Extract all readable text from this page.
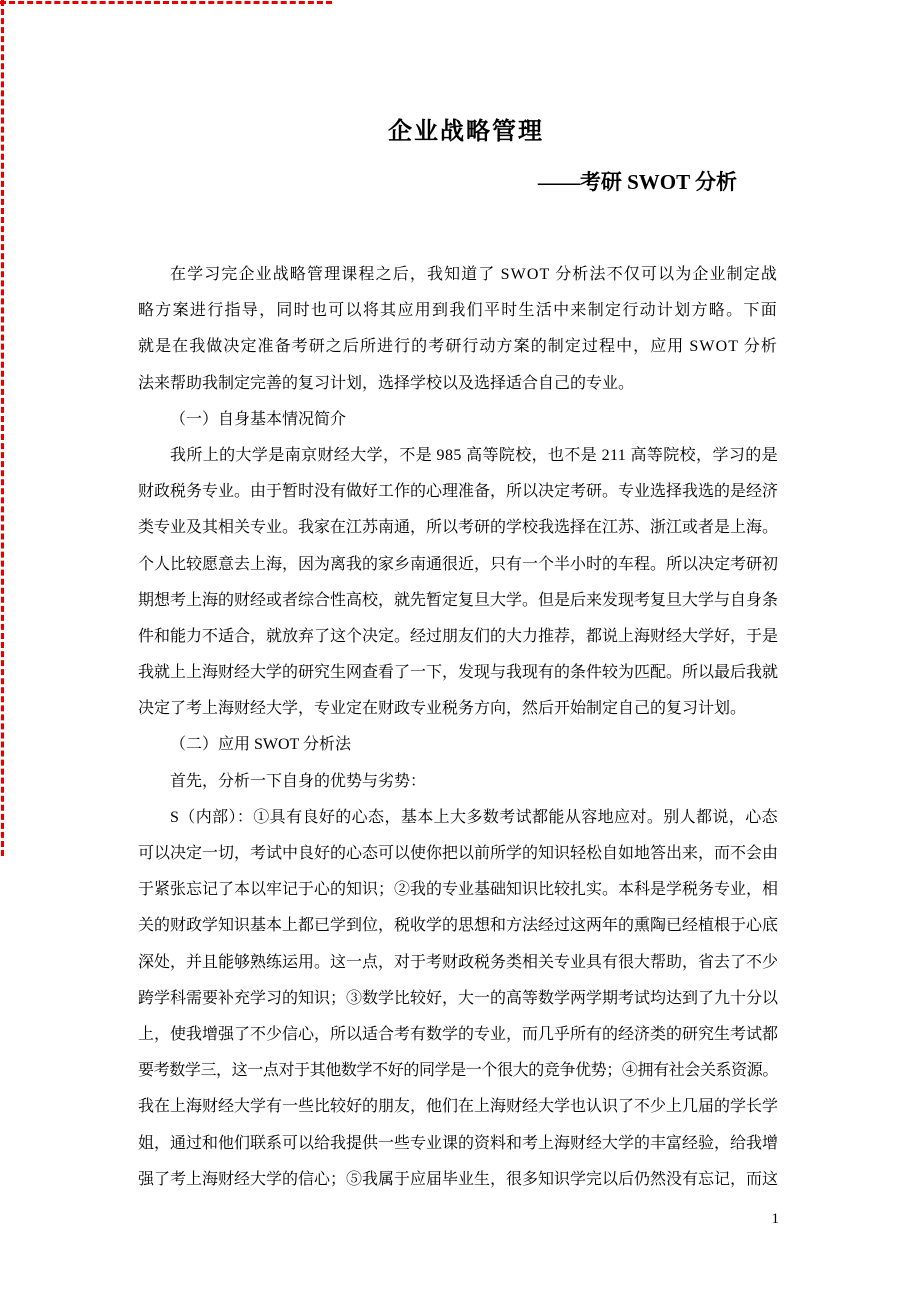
企业战略管理
——考研 SWOT 分析
在学习完企业战略管理课程之后，我知道了 SWOT 分析法不仅可以为企业制定战
略方案进行指导，同时也可以将其应用到我们平时生活中来制定行动计划方略。下面
就是在我做决定准备考研之后所进行的考研行动方案的制定过程中，应用 SWOT 分析
法来帮助我制定完善的复习计划，选择学校以及选择适合自己的专业。
（一）自身基本情况简介
我所上的大学是南京财经大学，不是 985 高等院校，也不是 211 高等院校，学习的是
财政税务专业。由于暂时没有做好工作的心理准备，所以决定考研。专业选择我选的是经济
类专业及其相关专业。我家在江苏南通，所以考研的学校我选择在江苏、浙江或者是上海。
个人比较愿意去上海，因为离我的家乡南通很近，只有一个半小时的车程。所以决定考研初
期想考上海的财经或者综合性高校，就先暂定复旦大学。但是后来发现考复旦大学与自身条
件和能力不适合，就放弃了这个决定。经过朋友们的大力推荐，都说上海财经大学好，于是
我就上上海财经大学的研究生网查看了一下，发现与我现有的条件较为匹配。所以最后我就
决定了考上海财经大学，专业定在财政专业税务方向，然后开始制定自己的复习计划。
（二）应用 SWOT 分析法
首先，分析一下自身的优势与劣势：
S（内部）：①具有良好的心态，基本上大多数考试都能从容地应对。别人都说，心态
可以决定一切，考试中良好的心态可以使你把以前所学的知识轻松自如地答出来，而不会由
于紧张忘记了本以牢记于心的知识；②我的专业基础知识比较扎实。本科是学税务专业，相
关的财政学知识基本上都已学到位，税收学的思想和方法经过这两年的熏陶已经植根于心底
深处，并且能够熟练运用。这一点，对于考财政税务类相关专业具有很大帮助，省去了不少
跨学科需要补充学习的知识；③数学比较好，大一的高等数学两学期考试均达到了九十分以
上，使我增强了不少信心，所以适合考有数学的专业，而几乎所有的经济类的研究生考试都
要考数学三，这一点对于其他数学不好的同学是一个很大的竞争优势；④拥有社会关系资源。
我在上海财经大学有一些比较好的朋友，他们在上海财经大学也认识了不少上几届的学长学
姐，通过和他们联系可以给我提供一些专业课的资料和考上海财经大学的丰富经验，给我增
强了考上海财经大学的信心；⑤我属于应届毕业生，很多知识学完以后仍然没有忘记，而这
1
